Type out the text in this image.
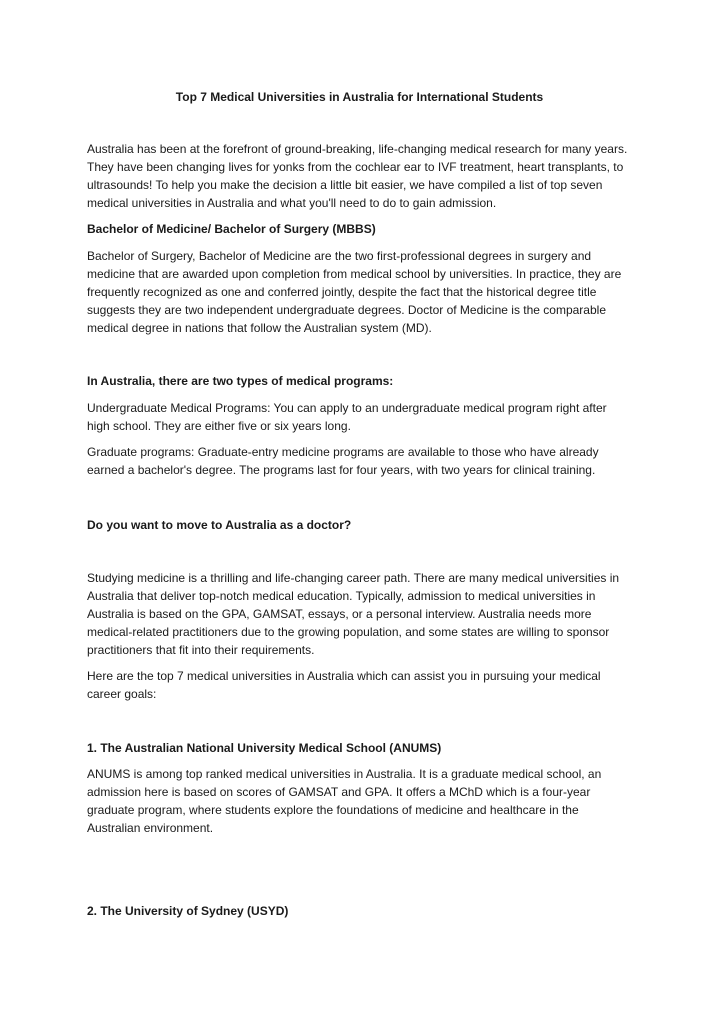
Top 7 Medical Universities in Australia for International Students

Australia has been at the forefront of ground-breaking, life-changing medical research for many years. They have been changing lives for yonks from the cochlear ear to IVF treatment, heart transplants, to ultrasounds! To help you make the decision a little bit easier, we have compiled a list of top seven medical universities in Australia and what you'll need to do to gain admission.

Bachelor of Medicine/ Bachelor of Surgery (MBBS)

Bachelor of Surgery, Bachelor of Medicine are the two first-professional degrees in surgery and medicine that are awarded upon completion from medical school by universities. In practice, they are frequently recognized as one and conferred jointly, despite the fact that the historical degree title suggests they are two independent undergraduate degrees. Doctor of Medicine is the comparable medical degree in nations that follow the Australian system (MD).

In Australia, there are two types of medical programs:

Undergraduate Medical Programs: You can apply to an undergraduate medical program right after high school. They are either five or six years long.

Graduate programs: Graduate-entry medicine programs are available to those who have already earned a bachelor's degree. The programs last for four years, with two years for clinical training.

Do you want to move to Australia as a doctor?

Studying medicine is a thrilling and life-changing career path. There are many medical universities in Australia that deliver top-notch medical education. Typically, admission to medical universities in Australia is based on the GPA, GAMSAT, essays, or a personal interview. Australia needs more medical-related practitioners due to the growing population, and some states are willing to sponsor practitioners that fit into their requirements.

Here are the top 7 medical universities in Australia which can assist you in pursuing your medical career goals:

1. The Australian National University Medical School (ANUMS)

ANUMS is among top ranked medical universities in Australia. It is a graduate medical school, an admission here is based on scores of GAMSAT and GPA. It offers a MChD which is a four-year graduate program, where students explore the foundations of medicine and healthcare in the Australian environment.

2. The University of Sydney (USYD)
